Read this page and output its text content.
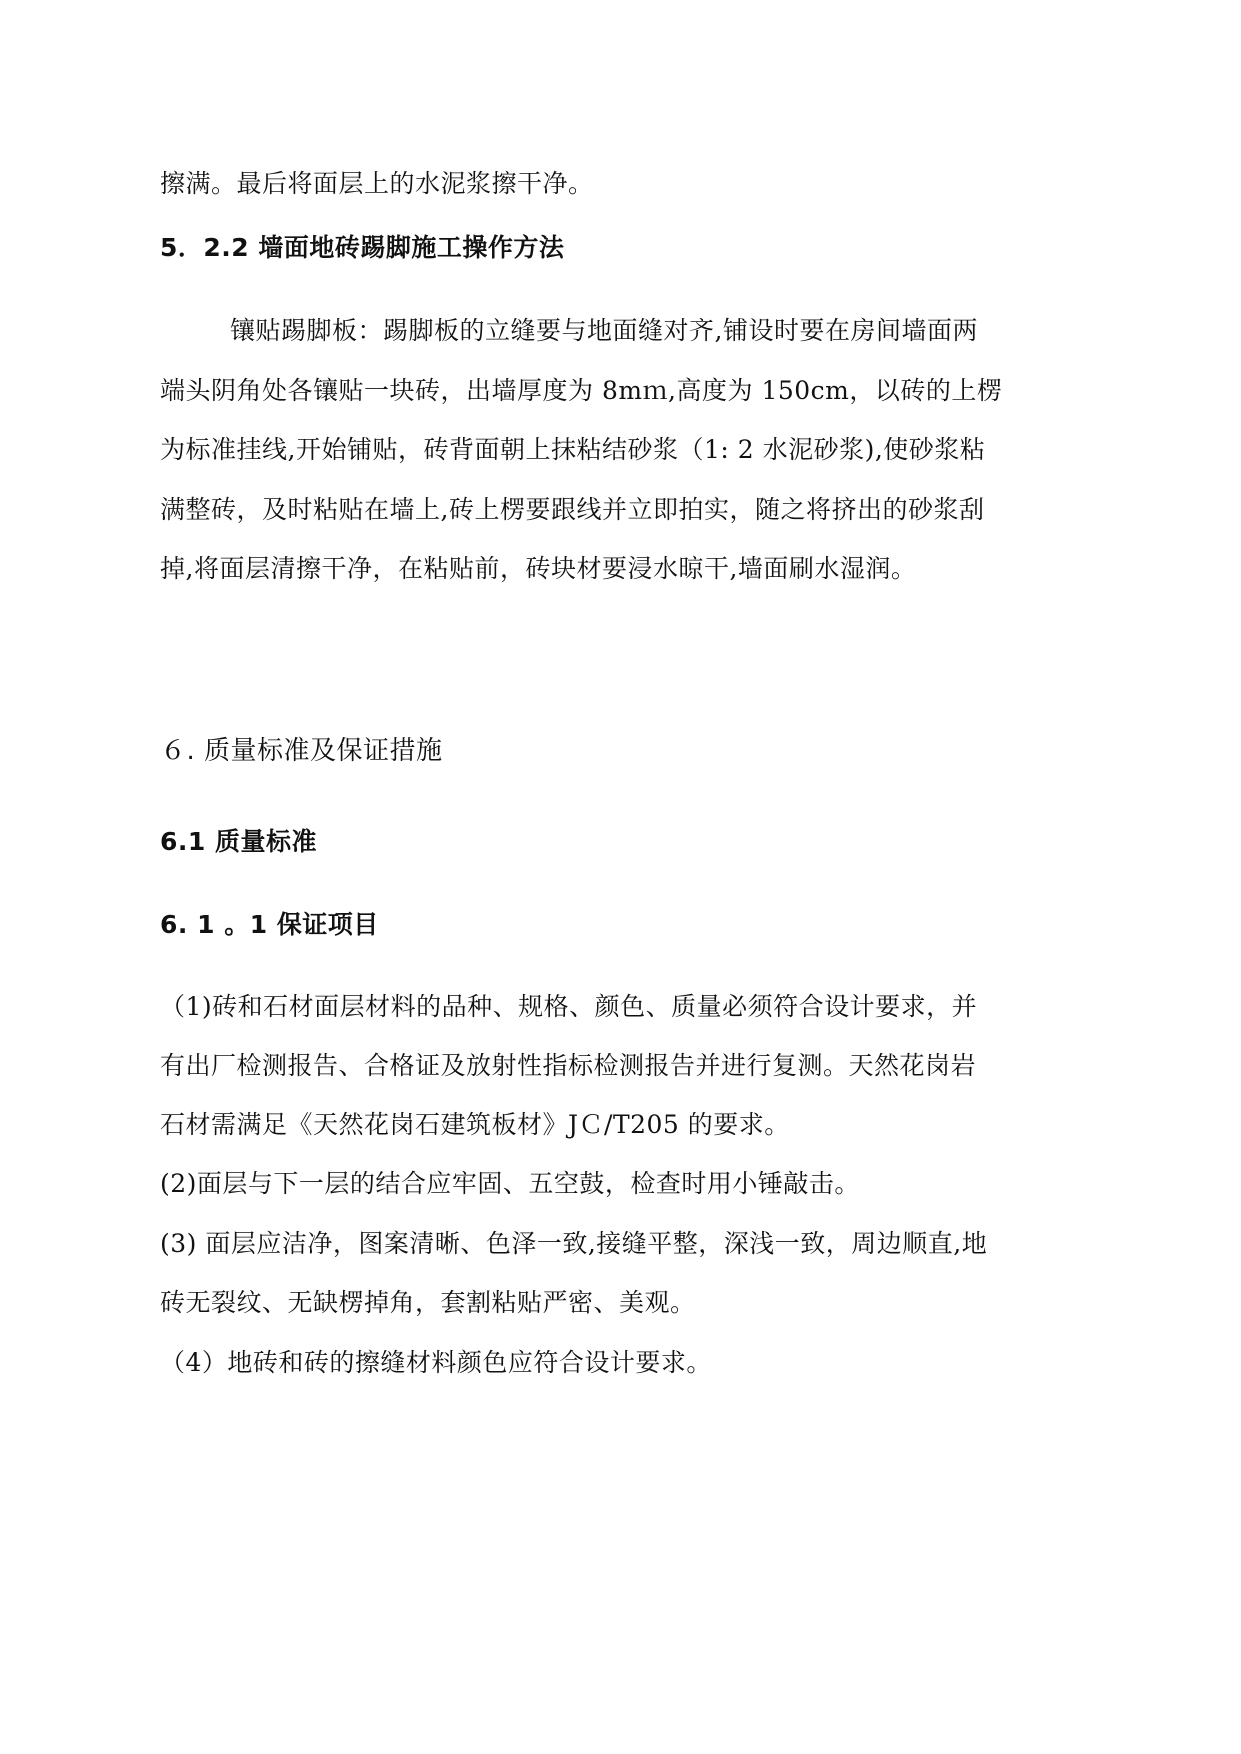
擦满。最后将面层上的水泥浆擦干净。
5．2.2 墙面地砖踢脚施工操作方法
镶贴踢脚板：踢脚板的立缝要与地面缝对齐,铺设时要在房间墙面两
端头阴角处各镶贴一块砖，出墙厚度为 8mｍ,高度为 150cm，以砖的上楞
为标准挂线,开始铺贴，砖背面朝上抹粘结砂浆（1: 2 水泥砂浆),使砂浆粘
满整砖，及时粘贴在墙上,砖上楞要跟线并立即拍实，随之将挤出的砂浆刮
掉,将面层清擦干净，在粘贴前，砖块材要浸水晾干,墙面刷水湿润。
６. 质量标准及保证措施
6.1 质量标准
6. 1 。1 保证项目
（1)砖和石材面层材料的品种、规格、颜色、质量必须符合设计要求，并
有出厂检测报告、合格证及放射性指标检测报告并进行复测。天然花岗岩
石材需满足《天然花岗石建筑板材》JＣ/T205 的要求。
(2)面层与下一层的结合应牢固、五空鼓，检查时用小锤敲击。
(3) 面层应洁净，图案清晰、色泽一致,接缝平整，深浅一致，周边顺直,地
砖无裂纹、无缺楞掉角，套割粘贴严密、美观。
（4）地砖和砖的擦缝材料颜色应符合设计要求。
